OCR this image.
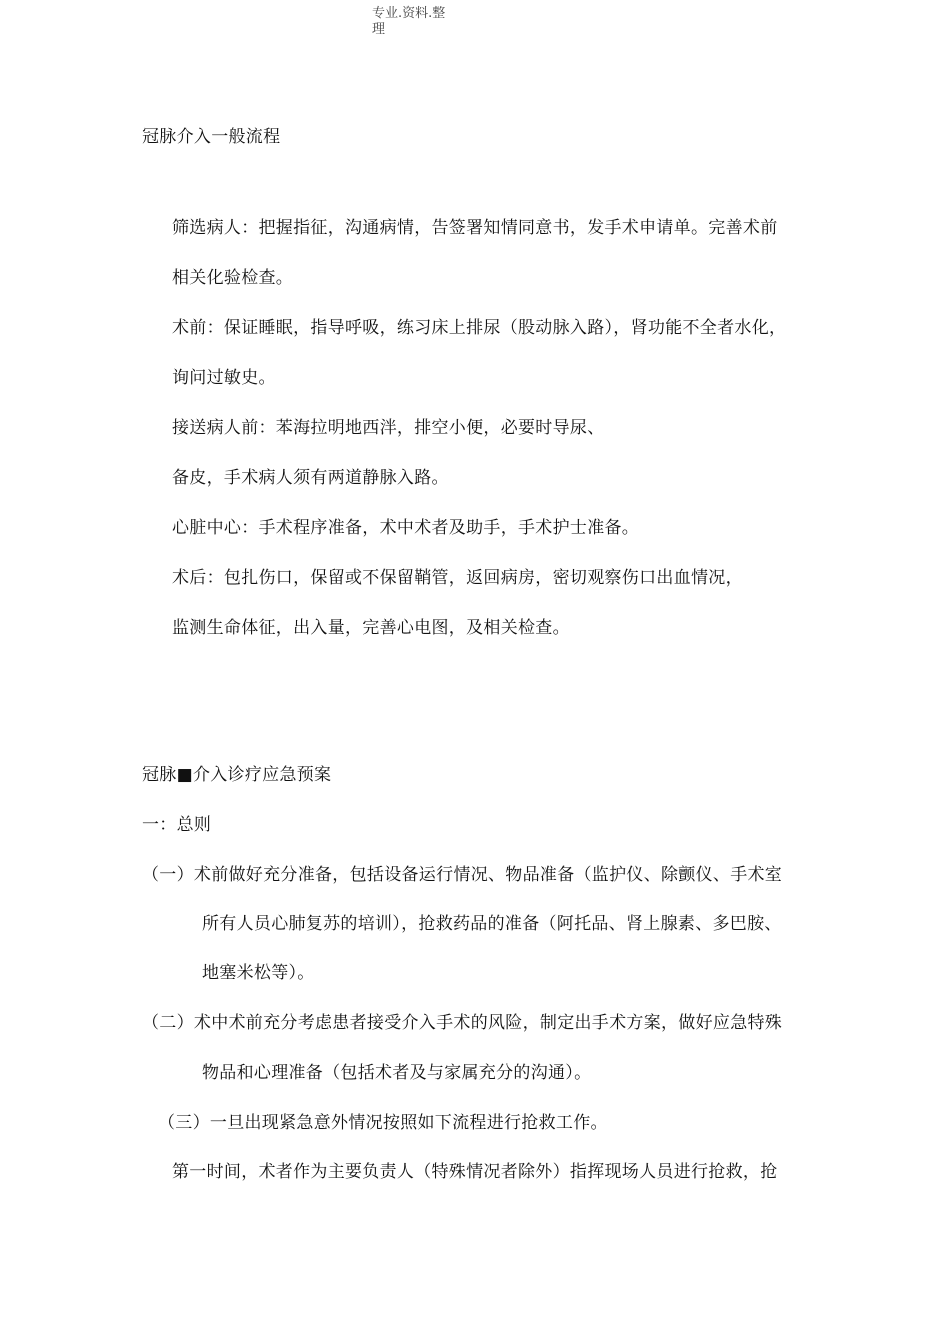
专业.资料.整
理
冠脉介入一般流程
筛选病人：把握指征，沟通病情，告签署知情同意书，发手术申请单。完善术前
相关化验检查。
术前：保证睡眠，指导呼吸，练习床上排尿（股动脉入路），肾功能不全者水化，
询问过敏史。
接送病人前：苯海拉明地西泮，排空小便，必要时导尿、
备皮，手术病人须有两道静脉入路。
心脏中心：手术程序准备，术中术者及助手，手术护士准备。
术后：包扎伤口，保留或不保留鞘管，返回病房，密切观察伤口出血情况，
监测生命体征，出入量，完善心电图，及相关检查。
冠脉■介入诊疗应急预案
一：总则
（一）术前做好充分准备，包括设备运行情况、物品准备（监护仪、除颤仪、手术室
所有人员心肺复苏的培训），抢救药品的准备（阿托品、肾上腺素、多巴胺、
地塞米松等）。
（二）术中术前充分考虑患者接受介入手术的风险，制定出手术方案，做好应急特殊
物品和心理准备（包括术者及与家属充分的沟通）。
（三）一旦出现紧急意外情况按照如下流程进行抢救工作。
第一时间，术者作为主要负责人（特殊情况者除外）指挥现场人员进行抢救，抢
